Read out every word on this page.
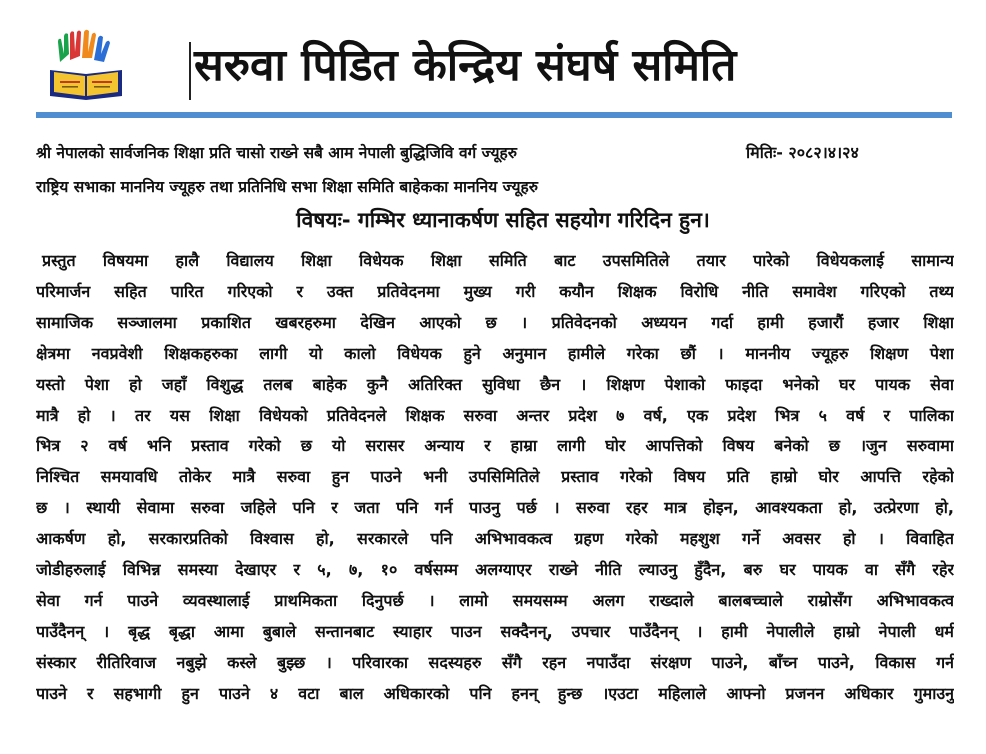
सरुवा पिडित केन्द्रिय संघर्ष समिति
श्री नेपालको सार्वजनिक शिक्षा प्रति चासो राख्ने सबै आम नेपाली बुद्धिजिवि वर्ग ज्यूहरु	मितिः- २०८२।४।२४
राष्ट्रिय सभाका माननिय ज्यूहरु तथा प्रतिनिधि सभा शिक्षा समिति बाहेकका माननिय ज्यूहरु
विषयः- गम्भिर ध्यानाकर्षण सहित सहयोग गरिदिन हुन।
प्रस्तुत विषयमा हालै विद्यालय शिक्षा विधेयक शिक्षा समिति बाट उपसमितिले तयार पारेको विधेयकलाई सामान्य
परिमार्जन सहित पारित गरिएको र उक्त प्रतिवेदनमा मुख्य गरी कयौन शिक्षक विरोधि नीति समावेश गरिएको तथ्य
सामाजिक सञ्जालमा प्रकाशित खबरहरुमा देखिन आएको छ । प्रतिवेदनको अध्ययन गर्दा हामी हजारौं हजार शिक्षा
क्षेत्रमा नवप्रवेशी शिक्षकहरुका लागी यो कालो विधेयक हुने अनुमान हामीले गरेका छौं । माननीय ज्यूहरु शिक्षण पेशा
यस्तो पेशा हो जहाँ विशुद्ध तलब बाहेक कुनै अतिरिक्त सुविधा छैन । शिक्षण पेशाको फाइदा भनेको घर पायक सेवा
मात्रै हो । तर यस शिक्षा विधेयको प्रतिवेदनले शिक्षक सरुवा अन्तर प्रदेश ७ वर्ष, एक प्रदेश भित्र ५ वर्ष र पालिका
भित्र २ वर्ष भनि प्रस्ताव गरेको छ यो सरासर अन्याय र हाम्रा लागी घोर आपत्तिको विषय बनेको छ ।जुन सरुवामा
निश्चित समयावधि तोकेर मात्रै सरुवा हुन पाउने भनी उपसिमितिले प्रस्ताव गरेको विषय प्रति हाम्रो घोर आपत्ति रहेको
छ । स्थायी सेवामा सरुवा जहिले पनि र जता पनि गर्न पाउनु पर्छ । सरुवा रहर मात्र होइन, आवश्यकता हो, उत्प्रेरणा हो,
आकर्षण हो, सरकारप्रतिको विश्वास हो, सरकारले पनि अभिभावकत्व ग्रहण गरेको महशुश गर्ने अवसर हो । विवाहित
जोडीहरुलाई विभिन्न समस्या देखाएर र ५, ७, १० वर्षसम्म अलग्याएर राख्ने नीति ल्याउनु हुँदैन, बरु घर पायक वा सँगै रहेर
सेवा गर्न पाउने व्यवस्थालाई प्राथमिकता दिनुपर्छ । लामो समयसम्म अलग राख्दाले बालबच्चाले राम्रोसँग अभिभावकत्व
पाउँदैनन् । बृद्ध बृद्धा आमा बुबाले सन्तानबाट स्याहार पाउन सक्दैनन्, उपचार पाउँदैनन् । हामी नेपालीले हाम्रो नेपाली धर्म
संस्कार रीतिरिवाज नबुझे कस्ले बुझ्छ । परिवारका सदस्यहरु सँगै रहन नपाउँदा संरक्षण पाउने, बाँच्न पाउने, विकास गर्न
पाउने र सहभागी हुन पाउने ४ वटा बाल अधिकारको पनि हनन् हुन्छ ।एउटा महिलाले आफ्नो प्रजनन अधिकार गुमाउनु
